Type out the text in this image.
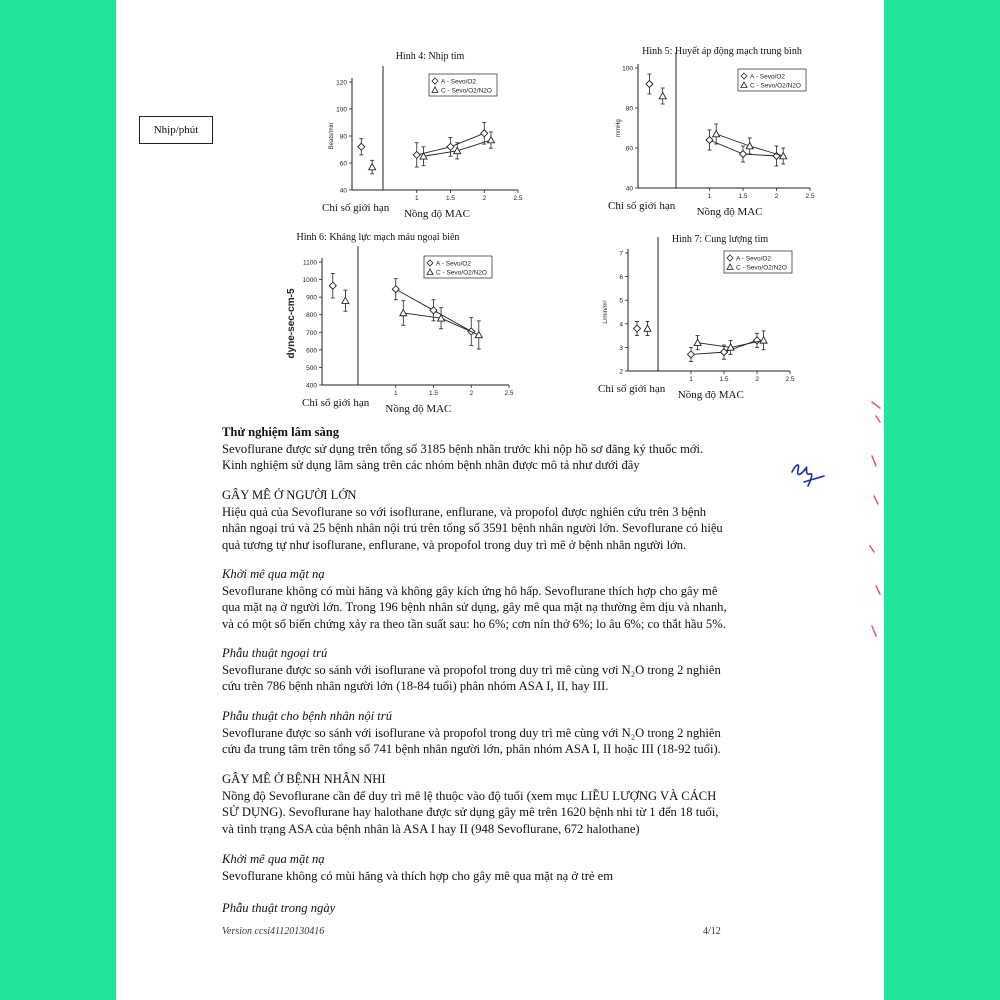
Hình 4: Nhịp tim
Beats/min
120
100
80
60
40
1	1.5	2	2.5
A - Sevo/O2
C - Sevo/O2/N2O
Chỉ số giới hạn Nồng độ MAC
Hình 5: Huyết áp động mạch trung bình
mmHg
100
80
60
40
1	1.5	2	2.5
A - Sevo/O2
C - Sevo/O2/N2O
Chỉ số giới hạn Nồng độ MAC
Hình 6: Kháng lực mạch máu ngoại biên
dyne-sec-cm-5
1100
1000
900
800
700
600
500
400
1	1.5	2	2.5
A - Sevo/O2
C - Sevo/O2/N2O
Chỉ số giới hạn Nồng độ MAC
Hình 7: Cung lượng tim
L/min/m²
7
6
5
4
3
2
1	1.5	2	2.5
A - Sevo/O2
C - Sevo/O2/N2O
Chỉ số giới hạn Nồng độ MAC
Nhịp/phút

Thử nghiệm lâm sàng

Sevoflurane được sử dụng trên tổng số 3185 bệnh nhân trước khi nộp hồ sơ đăng ký thuốc mới.

Kinh nghiệm sử dụng lâm sàng trên các nhóm bệnh nhân được mô tả như dưới đây

GÂY MÊ Ở NGƯỜI LỚN

Hiệu quả của Sevoflurane so với isoflurane, enflurane, và propofol được nghiên cứu trên 3 bệnh

nhân ngoại trú và 25 bệnh nhân nội trú trên tổng số 3591 bệnh nhân người lớn. Sevoflurane có hiệu

quả tương tự như isoflurane, enflurane, và propofol trong duy trì mê ở bệnh nhân người lớn.

Khởi mê qua mặt nạ

Sevoflurane không có mùi hăng và không gây kích ứng hô hấp. Sevoflurane thích hợp cho gây mê

qua mặt nạ ở người lớn. Trong 196 bệnh nhân sử dụng, gây mê qua mặt nạ thường êm dịu và nhanh,

và có một số biến chứng xảy ra theo tần suất sau: ho 6%; cơn nín thở 6%; lo âu 6%; co thắt hầu 5%.

Phẫu thuật ngoại trú

Sevoflurane được so sánh với isoflurane và propofol trong duy trì mê cùng vơi N₂O trong 2 nghiên

cứu trên 786 bệnh nhân người lớn (18-84 tuổi) phân nhóm ASA I, II, hay III.

Phẫu thuật cho bệnh nhân nội trú

Sevoflurane được so sánh với isoflurane và propofol trong duy trì mê cùng với N₂O trong 2 nghiên

cứu đa trung tâm trên tổng số 741 bệnh nhân người lớn, phân nhóm ASA I, II hoặc III (18-92 tuổi).

GÂY MÊ Ở BỆNH NHÂN NHI

Nồng độ Sevoflurane cần để duy trì mê lệ thuộc vào độ tuổi (xem mục LIỀU LƯỢNG VÀ CÁCH

SỬ DỤNG). Sevoflurane hay halothane được sử dụng gây mê trên 1620 bệnh nhi từ 1 đến 18 tuổi,

và tình trạng ASA của bệnh nhân là ASA I hay II (948 Sevoflurane, 672 halothane)

Khởi mê qua mặt nạ

Sevoflurane không có mùi hăng và thích hợp cho gây mê qua mặt nạ ở trẻ em

Phẫu thuật trong ngày

Version ccsi41120130416	4/12
